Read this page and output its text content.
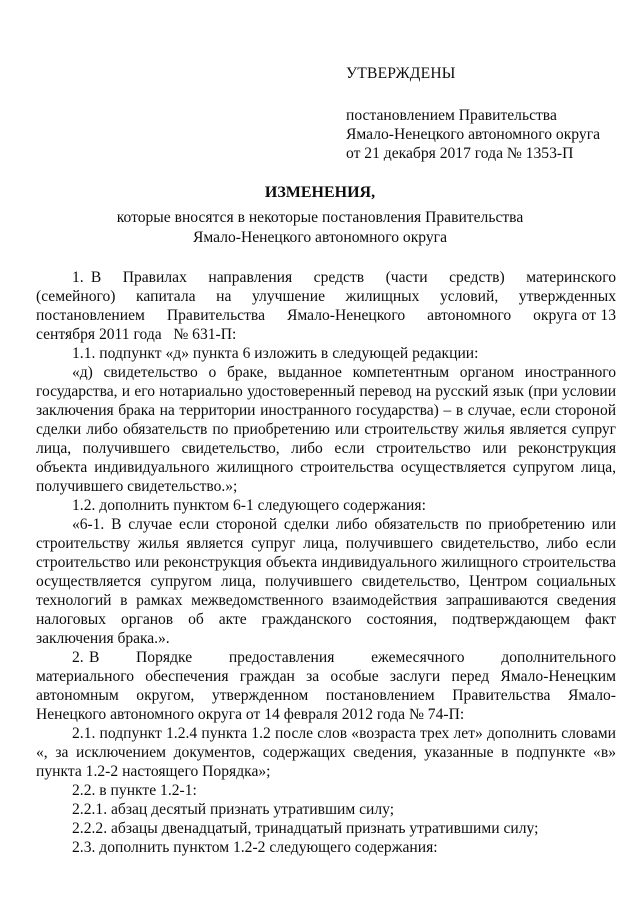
УТВЕРЖДЕНЫ
постановлением Правительства
Ямало-Ненецкого автономного округа
от 21 декабря 2017 года № 1353-П
ИЗМЕНЕНИЯ,
которые вносятся в некоторые постановления Правительства
Ямало-Ненецкого автономного округа

1. В   Правилах   направления   средств   (части   средств)   материнского (семейного)  капитала  на  улучшение  жилищных  условий,  утвержденных постановлением     Правительства     Ямало-Ненецкого     автономного     округа от 13 сентября 2011 года   № 631-П:

1.1. подпункт «д» пункта 6 изложить в следующей редакции:

«д) свидетельство о браке, выданное компетентным органом иностранного государства, и его нотариально удостоверенный перевод на русский язык (при условии заключения брака на территории иностранного государства) – в случае, если стороной сделки либо обязательств по приобретению или строительству жилья является супруг лица, получившего свидетельство, либо если строительство или реконструкция объекта индивидуального жилищного строительства осуществляется супругом лица, получившего свидетельство.»;

1.2. дополнить пунктом 6-1 следующего содержания:

«6-1. В случае если стороной сделки либо обязательств по приобретению или строительству жилья является супруг лица, получившего свидетельство, либо если строительство или реконструкция объекта индивидуального жилищного строительства осуществляется супругом лица, получившего свидетельство, Центром социальных технологий в рамках межведомственного взаимодействия запрашиваются сведения налоговых органов об акте гражданского состояния, подтверждающем факт заключения брака.».

2. В       Порядке       предоставления       ежемесячного       дополнительного материального обеспечения граждан за особые заслуги перед Ямало-Ненецким автономным округом, утвержденном постановлением Правительства Ямало-Ненецкого автономного округа от 14 февраля 2012 года № 74-П:

2.1. подпункт 1.2.4 пункта 1.2 после слов «возраста трех лет» дополнить словами «, за исключением документов, содержащих сведения, указанные в подпункте «в» пункта 1.2-2 настоящего Порядка»;

2.2. в пункте 1.2-1:

2.2.1. абзац десятый признать утратившим силу;

2.2.2. абзацы двенадцатый, тринадцатый признать утратившими силу;

2.3. дополнить пунктом 1.2-2 следующего содержания:
